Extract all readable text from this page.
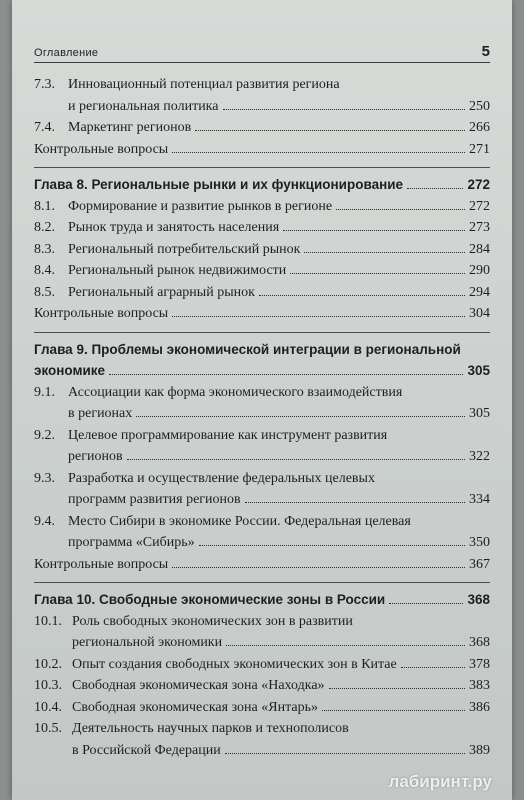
Оглавление	5
7.3. Инновационный потенциал развития региона
и региональная политика	250
7.4. Маркетинг регионов	266
Контрольные вопросы	271
Глава 8. Региональные рынки и их функционирование	272
8.1. Формирование и развитие рынков в регионе	272
8.2. Рынок труда и занятость населения	273
8.3. Региональный потребительский рынок	284
8.4. Региональный рынок недвижимости	290
8.5. Региональный аграрный рынок	294
Контрольные вопросы	304
Глава 9. Проблемы экономической интеграции в региональной
экономике	305
9.1. Ассоциации как форма экономического взаимодействия
в регионах	305
9.2. Целевое программирование как инструмент развития
регионов	322
9.3. Разработка и осуществление федеральных целевых
программ развития регионов	334
9.4. Место Сибири в экономике России. Федеральная целевая
программа «Сибирь»	350
Контрольные вопросы	367
Глава 10. Свободные экономические зоны в России	368
10.1. Роль свободных экономических зон в развитии
региональной экономики	368
10.2. Опыт создания свободных экономических зон в Китае	378
10.3. Свободная экономическая зона «Находка»	383
10.4. Свободная экономическая зона «Янтарь»	386
10.5. Деятельность научных парков и технополисов
в Российской Федерации	389
лабиринт.ру
